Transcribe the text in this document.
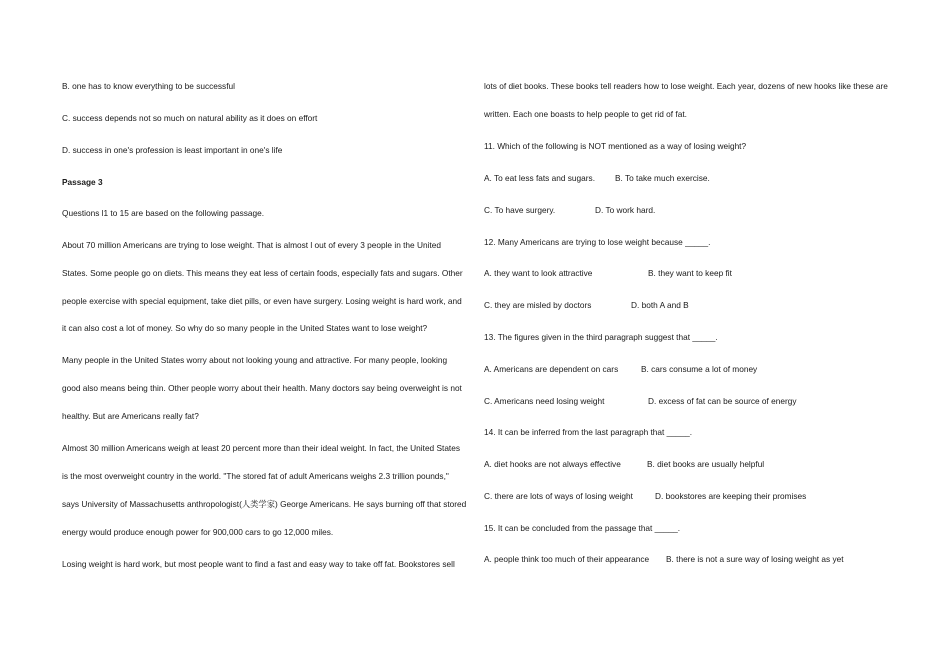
B. one has to know everything to be successful
C. success depends not so much on natural ability as it does on effort
D. success in one's profession is least important in one's life
Passage 3
Questions l1 to 15 are based on the following passage.
About 70 million Americans are trying to lose weight. That is almost l out of every 3 people in the United
States. Some people go on diets. This means they eat less of certain foods, especially fats and sugars. Other
people exercise with special equipment, take diet pills, or even have surgery. Losing weight is hard work, and
it can also cost a lot of money. So why do so many people in the United States want to lose weight?
Many people in the United States worry about not looking young and attractive. For many people, looking
good also means being thin. Other people worry about their health. Many doctors say being overweight is not
healthy. But are Americans really fat?
Almost 30 million Americans weigh at least 20 percent more than their ideal weight. In fact, the United States
is the most overweight country in the world. "The stored fat of adult Americans weighs 2.3 trillion pounds,"
says University of Massachusetts anthropologist(人类学家) George Americans. He says burning off that stored
energy would produce enough power for 900,000 cars to go 12,000 miles.
Losing weight is hard work, but most people want to find a fast and easy way to take off fat. Bookstores sell
lots of diet books. These books tell readers how to lose weight. Each year, dozens of new hooks like these are
written. Each one boasts to help people to get rid of fat.
11. Which of the following is NOT mentioned as a way of losing weight?

A. To eat less fats and sugars.

B. To take much exercise.

C. To have surgery.

	D. To work hard.

12. Many Americans are trying to lose weight because _____.

A. they want to look attractive

	B. they want to keep fit

C. they are misled by doctors

	D. both A and B

13. The figures given in the third paragraph suggest that _____.

A. Americans are dependent on cars

	B. cars consume a lot of money

C. Americans need losing weight

	D. excess of fat can be source of energy

14. It can be inferred from the last paragraph that _____.

A. diet hooks are not always effective

	B. diet books are usually helpful

C. there are lots of ways of losing weight

	D. bookstores are keeping their promises

15. It can be concluded from the passage that _____.

A. people think too much of their appearance

B. there is not a sure way of losing weight as yet
